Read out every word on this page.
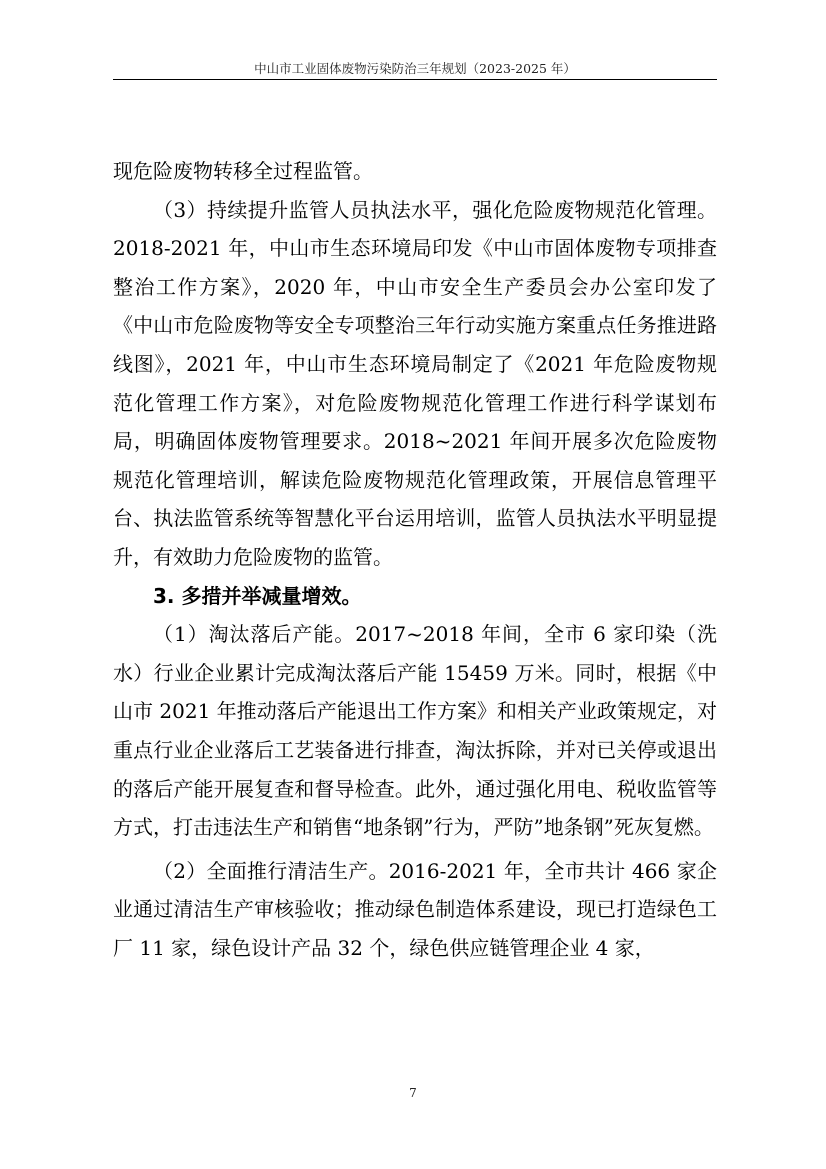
中山市工业固体废物污染防治三年规划（2023-2025 年）

现危险废物转移全过程监管。

（3）持续提升监管人员执法水平，强化危险废物规范化管理。2018-2021 年，中山市生态环境局印发《中山市固体废物专项排查整治工作方案》，2020 年，中山市安全生产委员会办公室印发了《中山市危险废物等安全专项整治三年行动实施方案重点任务推进路线图》，2021 年，中山市生态环境局制定了《2021 年危险废物规范化管理工作方案》，对危险废物规范化管理工作进行科学谋划布局，明确固体废物管理要求。2018~2021 年间开展多次危险废物规范化管理培训，解读危险废物规范化管理政策，开展信息管理平台、执法监管系统等智慧化平台运用培训，监管人员执法水平明显提升，有效助力危险废物的监管。

3. 多措并举减量增效。

（1）淘汰落后产能。2017~2018 年间，全市 6 家印染（洗水）行业企业累计完成淘汰落后产能 15459 万米。同时，根据《中山市 2021 年推动落后产能退出工作方案》和相关产业政策规定，对重点行业企业落后工艺装备进行排查，淘汰拆除，并对已关停或退出的落后产能开展复查和督导检查。此外，通过强化用电、税收监管等方式，打击违法生产和销售“地条钢”行为，严防”地条钢”死灰复燃。

（2）全面推行清洁生产。2016-2021 年，全市共计 466 家企业通过清洁生产审核验收；推动绿色制造体系建设，现已打造绿色工厂 11 家，绿色设计产品 32 个，绿色供应链管理企业 4 家，

7
